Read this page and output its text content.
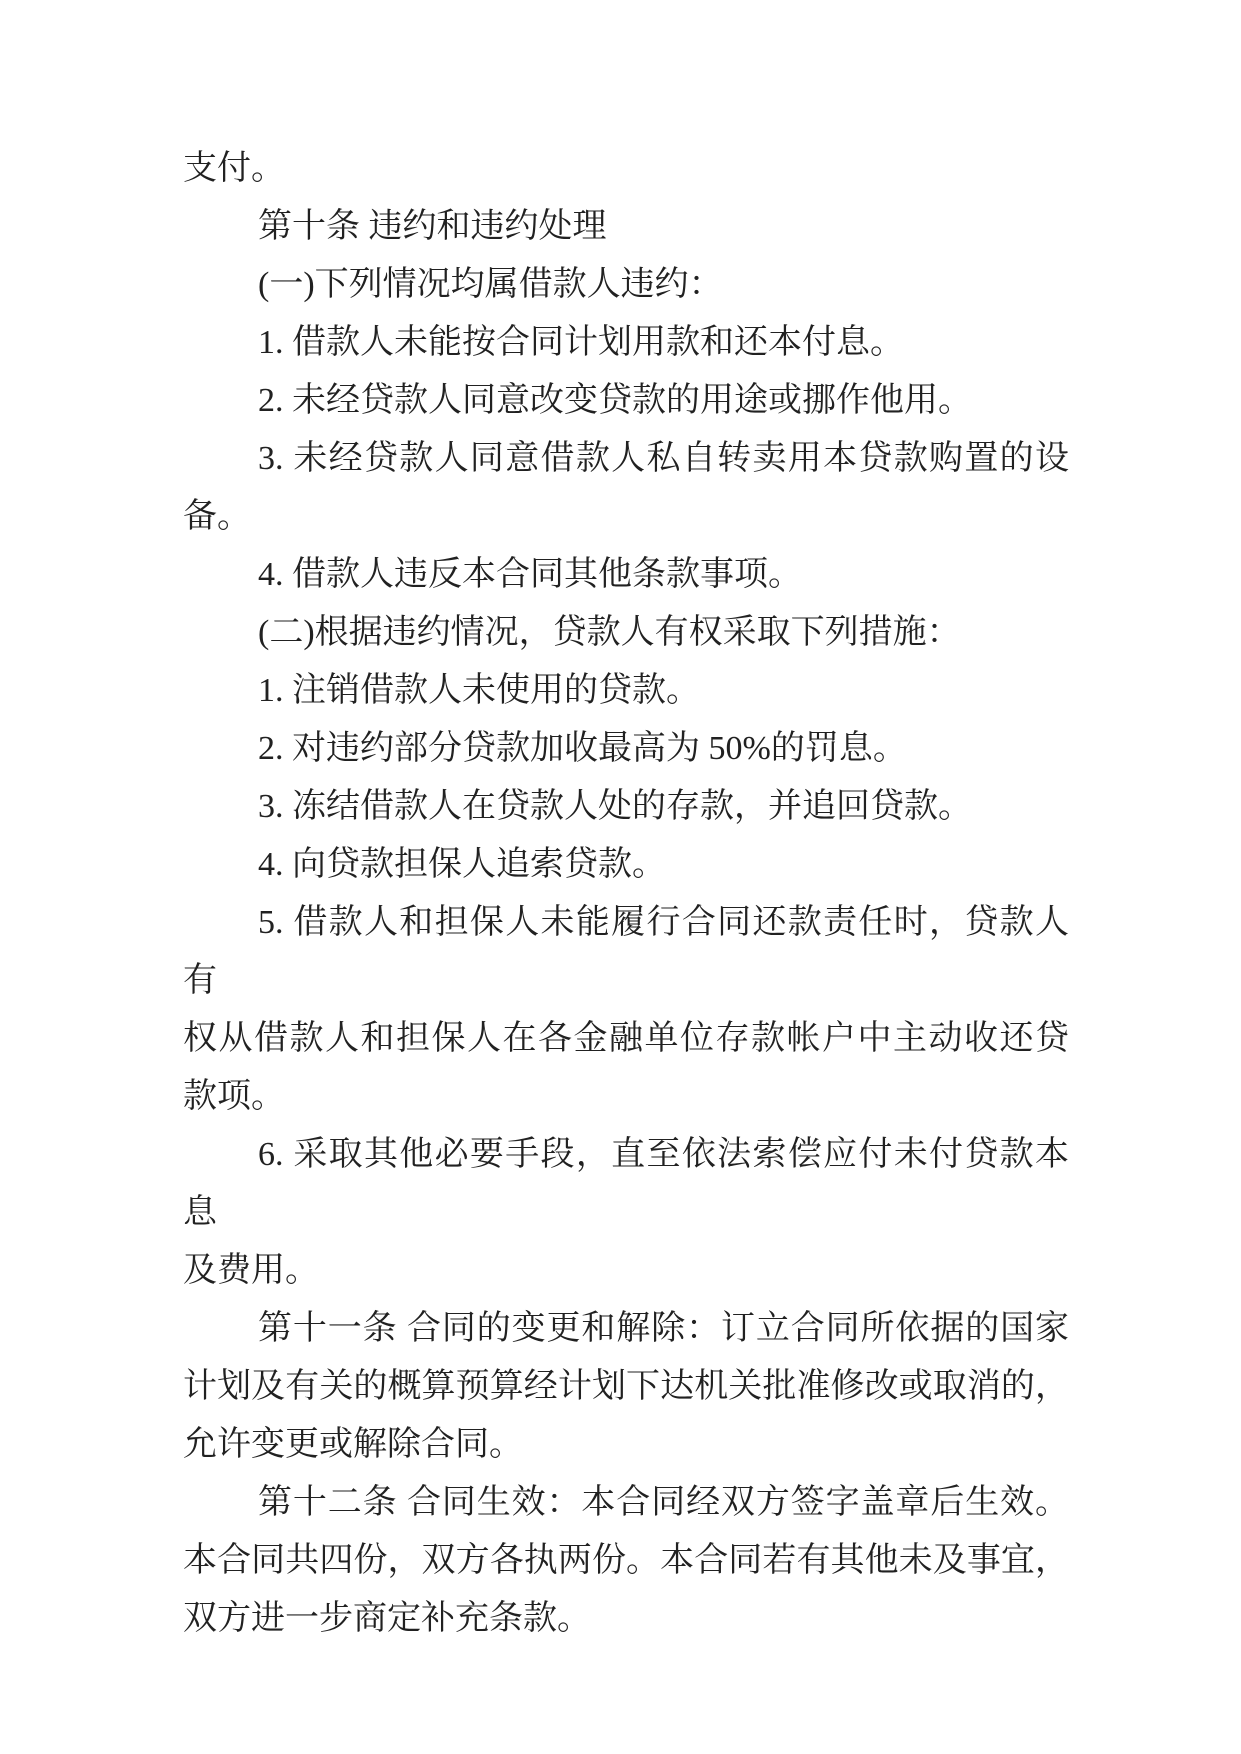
支付。
第十条 违约和违约处理
(一)下列情况均属借款人违约：
1. 借款人未能按合同计划用款和还本付息。
2. 未经贷款人同意改变贷款的用途或挪作他用。
3. 未经贷款人同意借款人私自转卖用本贷款购置的设
备。
4. 借款人违反本合同其他条款事项。
(二)根据违约情况，贷款人有权采取下列措施：
1. 注销借款人未使用的贷款。
2. 对违约部分贷款加收最高为 50%的罚息。
3. 冻结借款人在贷款人处的存款，并追回贷款。
4. 向贷款担保人追索贷款。
5. 借款人和担保人未能履行合同还款责任时，贷款人有
权从借款人和担保人在各金融单位存款帐户中主动收还贷
款项。
6. 采取其他必要手段，直至依法索偿应付未付贷款本息
及费用。
第十一条 合同的变更和解除：订立合同所依据的国家
计划及有关的概算预算经计划下达机关批准修改或取消的，
允许变更或解除合同。
第十二条 合同生效：本合同经双方签字盖章后生效。
本合同共四份，双方各执两份。本合同若有其他未及事宜，
双方进一步商定补充条款。
